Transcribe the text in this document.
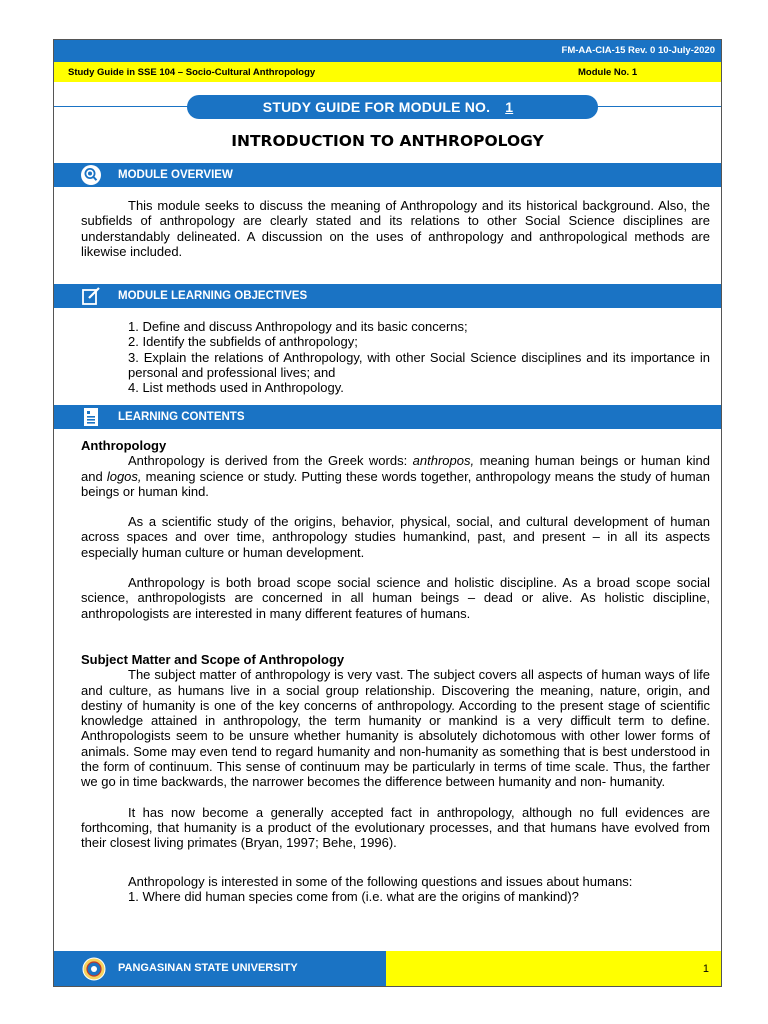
FM-AA-CIA-15 Rev. 0 10-July-2020
Study Guide in SSE 104 – Socio-Cultural Anthropology	Module No. 1
STUDY GUIDE FOR MODULE NO. 1
INTRODUCTION TO ANTHROPOLOGY
MODULE OVERVIEW

This module seeks to discuss the meaning of Anthropology and its historical background. Also, the subfields of anthropology are clearly stated and its relations to other Social Science disciplines are understandably delineated. A discussion on the uses of anthropology and anthropological methods are likewise included.

MODULE LEARNING OBJECTIVES

1. Define and discuss Anthropology and its basic concerns;

2. Identify the subfields of anthropology;

3. Explain the relations of Anthropology, with other Social Science disciplines and its importance in personal and professional lives; and

4. List methods used in Anthropology.

LEARNING CONTENTS

Anthropology

Anthropology is derived from the Greek words: anthropos, meaning human beings or human kind and logos, meaning science or study. Putting these words together, anthropology means the study of human beings or human kind.

As a scientific study of the origins, behavior, physical, social, and cultural development of human across spaces and over time, anthropology studies humankind, past, and present – in all its aspects especially human culture or human development.

Anthropology is both broad scope social science and holistic discipline. As a broad scope social science, anthropologists are concerned in all human beings – dead or alive. As holistic discipline, anthropologists are interested in many different features of humans.

Subject Matter and Scope of Anthropology

The subject matter of anthropology is very vast. The subject covers all aspects of human ways of life and culture, as humans live in a social group relationship. Discovering the meaning, nature, origin, and destiny of humanity is one of the key concerns of anthropology. According to the present stage of scientific knowledge attained in anthropology, the term humanity or mankind is a very difficult term to define. Anthropologists seem to be unsure whether humanity is absolutely dichotomous with other lower forms of animals. Some may even tend to regard humanity and non-humanity as something that is best understood in the form of continuum. This sense of continuum may be particularly in terms of time scale. Thus, the farther we go in time backwards, the narrower becomes the difference between humanity and non- humanity.

It has now become a generally accepted fact in anthropology, although no full evidences are forthcoming, that humanity is a product of the evolutionary processes, and that humans have evolved from their closest living primates (Bryan, 1997; Behe, 1996).

Anthropology is interested in some of the following questions and issues about humans:

1. Where did human species come from (i.e. what are the origins of mankind)?

PANGASINAN STATE UNIVERSITY	1
